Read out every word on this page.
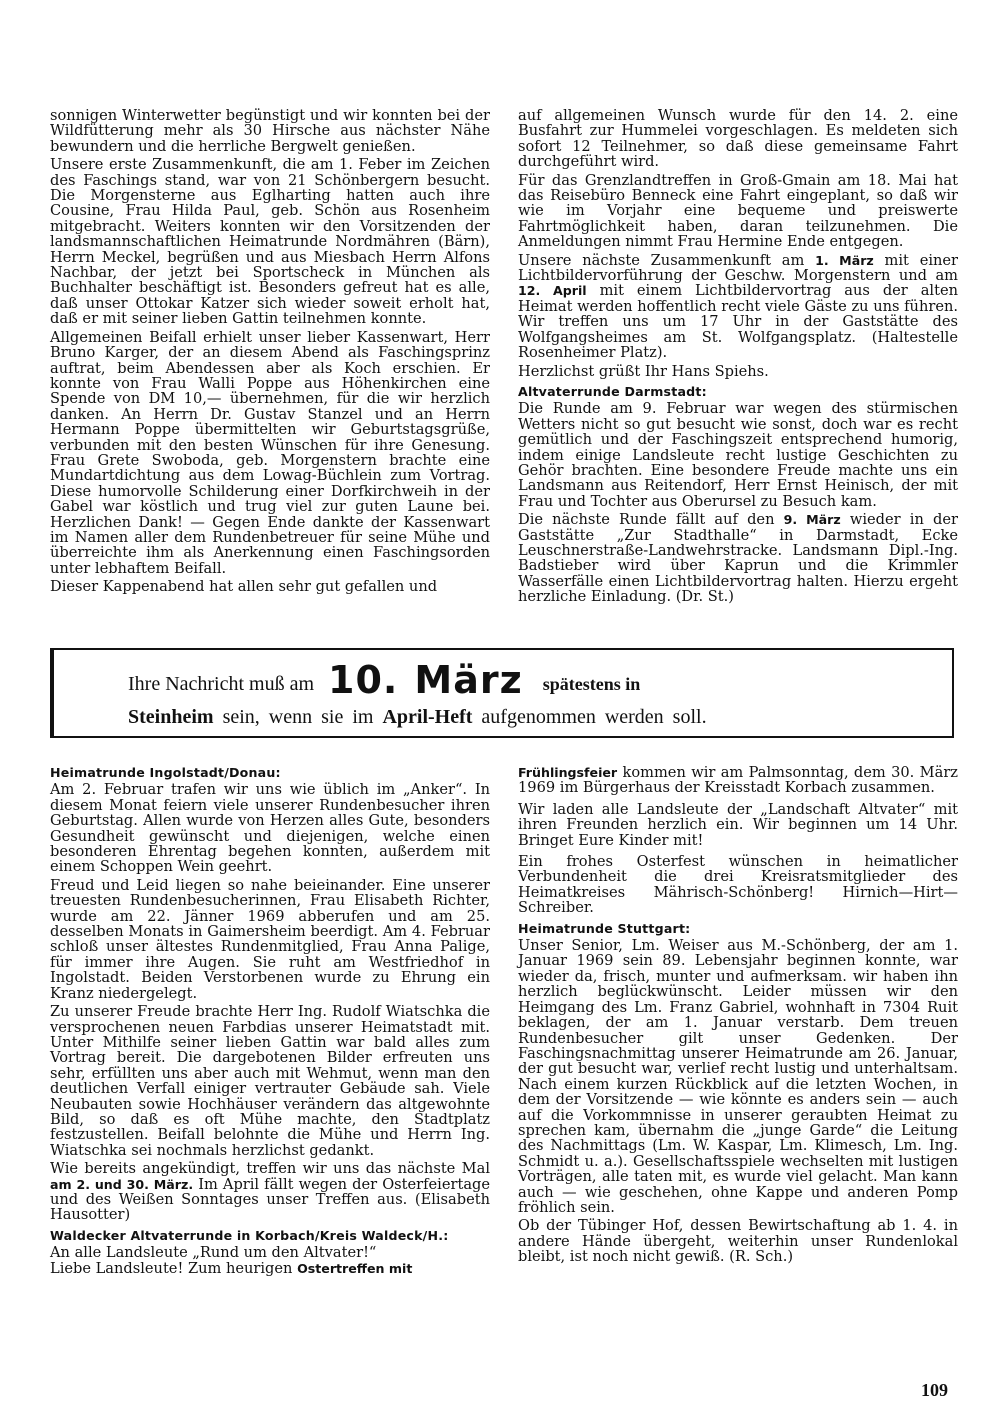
sonnigen Winterwetter begünstigt und wir konnten bei der Wildfütterung mehr als 30 Hirsche aus nächster Nähe bewundern und die herrliche Bergwelt genießen.

Unsere erste Zusammenkunft, die am 1. Feber im Zeichen des Faschings stand, war von 21 Schönbergern besucht. Die Morgensterne aus Eglharting hatten auch ihre Cousine, Frau Hilda Paul, geb. Schön aus Rosenheim mitgebracht. Weiters konnten wir den Vorsitzenden der landsmannschaftlichen Heimatrunde Nordmähren (Bärn), Herrn Meckel, begrüßen und aus Miesbach Herrn Alfons Nachbar, der jetzt bei Sportscheck in München als Buchhalter beschäftigt ist. Besonders gefreut hat es alle, daß unser Ottokar Katzer sich wieder soweit erholt hat, daß er mit seiner lieben Gattin teilnehmen konnte.

Allgemeinen Beifall erhielt unser lieber Kassenwart, Herr Bruno Karger, der an diesem Abend als Faschingsprinz auftrat, beim Abendessen aber als Koch erschien. Er konnte von Frau Walli Poppe aus Höhenkirchen eine Spende von DM 10,— übernehmen, für die wir herzlich danken. An Herrn Dr. Gustav Stanzel und an Herrn Hermann Poppe übermittelten wir Geburtstagsgrüße, verbunden mit den besten Wünschen für ihre Genesung. Frau Grete Swoboda, geb. Morgenstern brachte eine Mundartdichtung aus dem Lowag-Büchlein zum Vortrag. Diese humorvolle Schilderung einer Dorfkirchweih in der Gabel war köstlich und trug viel zur guten Laune bei. Herzlichen Dank! — Gegen Ende dankte der Kassenwart im Namen aller dem Rundenbetreuer für seine Mühe und überreichte ihm als Anerkennung einen Faschingsorden unter lebhaftem Beifall.

Dieser Kappenabend hat allen sehr gut gefallen und

auf allgemeinen Wunsch wurde für den 14. 2. eine Busfahrt zur Hummelei vorgeschlagen. Es meldeten sich sofort 12 Teilnehmer, so daß diese gemeinsame Fahrt durchgeführt wird.

Für das Grenzlandtreffen in Groß-Gmain am 18. Mai hat das Reisebüro Benneck eine Fahrt eingeplant, so daß wir wie im Vorjahr eine bequeme und preiswerte Fahrtmöglichkeit haben, daran teilzunehmen. Die Anmeldungen nimmt Frau Hermine Ende entgegen.

Unsere nächste Zusammenkunft am 1. März mit einer Lichtbildervorführung der Geschw. Morgenstern und am 12. April mit einem Lichtbildervortrag aus der alten Heimat werden hoffentlich recht viele Gäste zu uns führen. Wir treffen uns um 17 Uhr in der Gaststätte des Wolfgangsheimes am St. Wolfgangsplatz. (Haltestelle Rosenheimer Platz).

Herzlichst grüßt Ihr Hans Spiehs.

Altvaterrunde Darmstadt:

Die Runde am 9. Februar war wegen des stürmischen Wetters nicht so gut besucht wie sonst, doch war es recht gemütlich und der Faschingszeit entsprechend humorig, indem einige Landsleute recht lustige Geschichten zu Gehör brachten. Eine besondere Freude machte uns ein Landsmann aus Reitendorf, Herr Ernst Heinisch, der mit Frau und Tochter aus Oberursel zu Besuch kam.

Die nächste Runde fällt auf den 9. März wieder in der Gaststätte „Zur Stadthalle“ in Darmstadt, Ecke Leuschnerstraße-Landwehrstracke. Landsmann Dipl.-Ing. Badstieber wird über Kaprun und die Krimmler Wasserfälle einen Lichtbildervortrag halten. Hierzu ergeht herzliche Einladung. (Dr. St.)

Ihre Nachricht muß am 10. März spätestens in
Steinheim sein, wenn sie im April-Heft aufgenommen werden soll.
Heimatrunde Ingolstadt/Donau:

Am 2. Februar trafen wir uns wie üblich im „Anker“. In diesem Monat feiern viele unserer Rundenbesucher ihren Geburtstag. Allen wurde von Herzen alles Gute, besonders Gesundheit gewünscht und diejenigen, welche einen besonderen Ehrentag begehen konnten, außerdem mit einem Schoppen Wein geehrt.

Freud und Leid liegen so nahe beieinander. Eine unserer treuesten Rundenbesucherinnen, Frau Elisabeth Richter, wurde am 22. Jänner 1969 abberufen und am 25. desselben Monats in Gaimersheim beerdigt. Am 4. Februar schloß unser ältestes Rundenmitglied, Frau Anna Palige, für immer ihre Augen. Sie ruht am Westfriedhof in Ingolstadt. Beiden Verstorbenen wurde zu Ehrung ein Kranz niedergelegt.

Zu unserer Freude brachte Herr Ing. Rudolf Wiatschka die versprochenen neuen Farbdias unserer Heimatstadt mit. Unter Mithilfe seiner lieben Gattin war bald alles zum Vortrag bereit. Die dargebotenen Bilder erfreuten uns sehr, erfüllten uns aber auch mit Wehmut, wenn man den deutlichen Verfall einiger vertrauter Gebäude sah. Viele Neubauten sowie Hochhäuser verändern das altgewohnte Bild, so daß es oft Mühe machte, den Stadtplatz festzustellen. Beifall belohnte die Mühe und Herrn Ing. Wiatschka sei nochmals herzlichst gedankt.

Wie bereits angekündigt, treffen wir uns das nächste Mal am 2. und 30. März. Im April fällt wegen der Osterfeiertage und des Weißen Sonntages unser Treffen aus. (Elisabeth Hausotter)

Waldecker Altvaterrunde in Korbach/Kreis Waldeck/H.:

An alle Landsleute „Rund um den Altvater!“

Liebe Landsleute! Zum heurigen Ostertreffen mit

Frühlingsfeier kommen wir am Palmsonntag, dem 30. März 1969 im Bürgerhaus der Kreisstadt Korbach zusammen.

Wir laden alle Landsleute der „Landschaft Altvater“ mit ihren Freunden herzlich ein. Wir beginnen um 14 Uhr. Bringet Eure Kinder mit!

Ein frohes Osterfest wünschen in heimatlicher Verbundenheit die drei Kreisratsmitglieder des Heimatkreises Mährisch-Schönberg! Hirnich—Hirt—Schreiber.

Heimatrunde Stuttgart:

Unser Senior, Lm. Weiser aus M.-Schönberg, der am 1. Januar 1969 sein 89. Lebensjahr beginnen konnte, war wieder da, frisch, munter und aufmerksam. wir haben ihn herzlich beglückwünscht. Leider müssen wir den Heimgang des Lm. Franz Gabriel, wohnhaft in 7304 Ruit beklagen, der am 1. Januar verstarb. Dem treuen Rundenbesucher gilt unser Gedenken. Der Faschingsnachmittag unserer Heimatrunde am 26. Januar, der gut besucht war, verlief recht lustig und unterhaltsam. Nach einem kurzen Rückblick auf die letzten Wochen, in dem der Vorsitzende — wie könnte es anders sein — auch auf die Vorkommnisse in unserer geraubten Heimat zu sprechen kam, übernahm die „junge Garde“ die Leitung des Nachmittags (Lm. W. Kaspar, Lm. Klimesch, Lm. Ing. Schmidt u. a.). Gesellschaftsspiele wechselten mit lustigen Vorträgen, alle taten mit, es wurde viel gelacht. Man kann auch — wie geschehen, ohne Kappe und anderen Pomp fröhlich sein.

Ob der Tübinger Hof, dessen Bewirtschaftung ab 1. 4. in andere Hände übergeht, weiterhin unser Rundenlokal bleibt, ist noch nicht gewiß. (R. Sch.)

109
